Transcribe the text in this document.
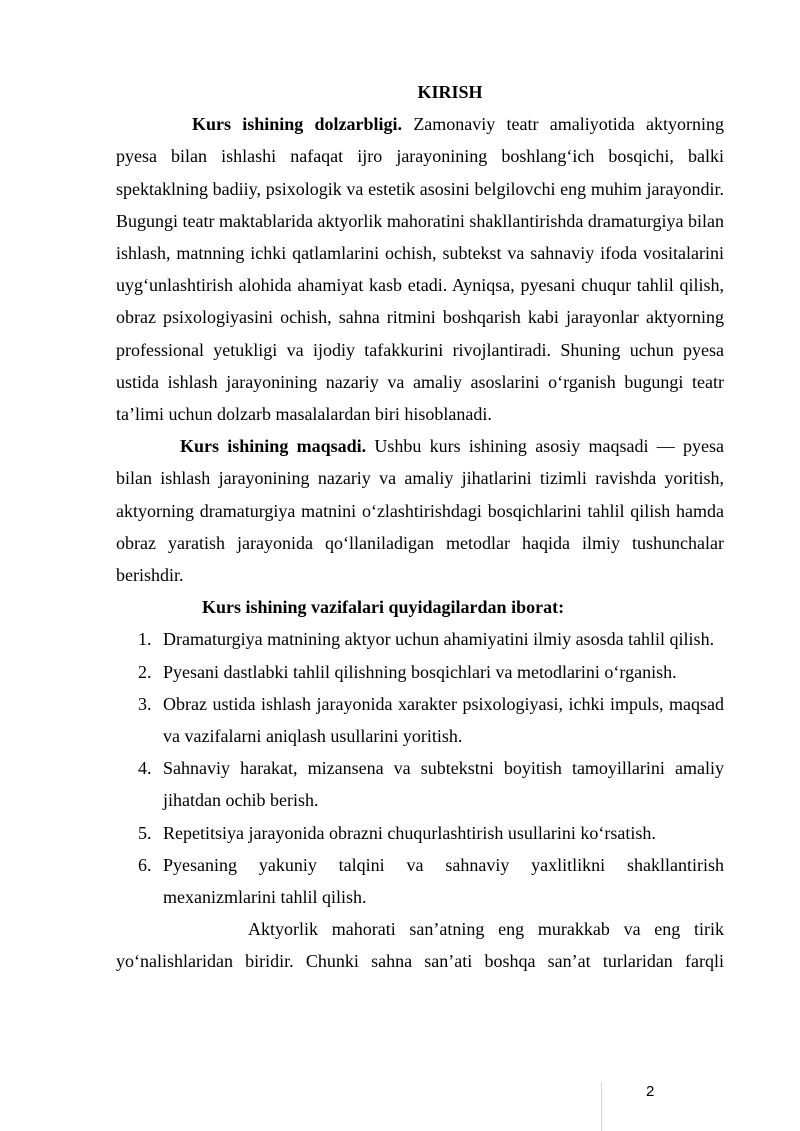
KIRISH

Kurs ishining dolzarbligi. Zamonaviy teatr amaliyotida aktyorning pyesa bilan ishlashi nafaqat ijro jarayonining boshlang‘ich bosqichi, balki spektaklning badiiy, psixologik va estetik asosini belgilovchi eng muhim jarayondir. Bugungi teatr maktablarida aktyorlik mahoratini shakllantirishda dramaturgiya bilan ishlash, matnning ichki qatlamlarini ochish, subtekst va sahnaviy ifoda vositalarini uyg‘unlashtirish alohida ahamiyat kasb etadi. Ayniqsa, pyesani chuqur tahlil qilish, obraz psixologiyasini ochish, sahna ritmini boshqarish kabi jarayonlar aktyorning professional yetukligi va ijodiy tafakkurini rivojlantiradi. Shuning uchun pyesa ustida ishlash jarayonining nazariy va amaliy asoslarini o‘rganish bugungi teatr ta’limi uchun dolzarb masalalardan biri hisoblanadi.

Kurs ishining maqsadi. Ushbu kurs ishining asosiy maqsadi — pyesa bilan ishlash jarayonining nazariy va amaliy jihatlarini tizimli ravishda yoritish, aktyorning dramaturgiya matnini o‘zlashtirishdagi bosqichlarini tahlil qilish hamda obraz yaratish jarayonida qo‘llaniladigan metodlar haqida ilmiy tushunchalar berishdir.

Kurs ishining vazifalari quyidagilardan iborat:
1. Dramaturgiya matnining aktyor uchun ahamiyatini ilmiy asosda tahlil qilish.
2. Pyesani dastlabki tahlil qilishning bosqichlari va metodlarini o‘rganish.
3. Obraz ustida ishlash jarayonida xarakter psixologiyasi, ichki impuls, maqsad va vazifalarni aniqlash usullarini yoritish.
4. Sahnaviy harakat, mizansena va subtekstni boyitish tamoyillarini amaliy jihatdan ochib berish.
5. Repetitsiya jarayonida obrazni chuqurlashtirish usullarini ko‘rsatish.
6. Pyesaning yakuniy talqini va sahnaviy yaxlitlikni shakllantirish mexanizmlarini tahlil qilish.

Aktyorlik mahorati san’atning eng murakkab va eng tirik yo‘nalishlaridan biridir. Chunki sahna san’ati boshqa san’at turlaridan farqli

2
